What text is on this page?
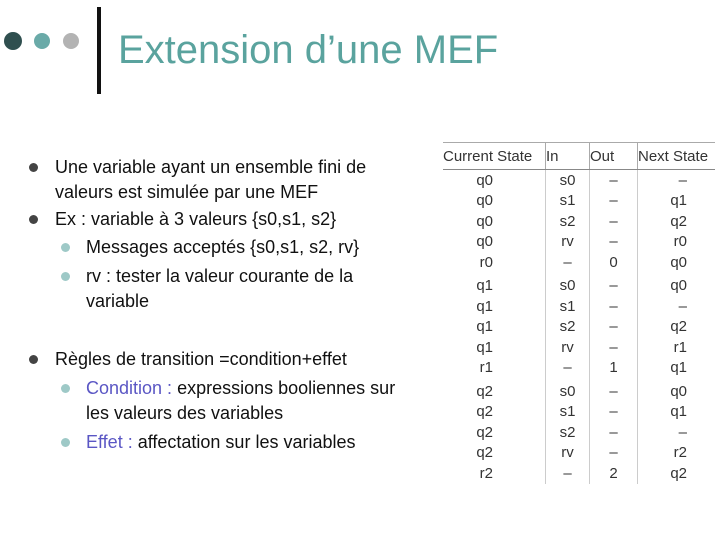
Extension d’une MEF
Une variable ayant un ensemble fini de
valeurs est simulée par une MEF
Ex : variable à 3 valeurs {s0,s1, s2}
Messages acceptés {s0,s1, s2, rv}
rv : tester la valeur courante de la
variable
Règles de transition =condition+effet
Condition : expressions booliennes sur
les valeurs des variables
Effet : affectation sur les variables
Current State	In	Out	Next State
q0	s0	–	–
q0	s1	–	q1
q0	s2	–	q2
q0	rv	–	r0
r0	–	0	q0
q1	s0	–	q0
q1	s1	–	–
q1	s2	–	q2
q1	rv	–	r1
r1	–	1	q1
q2	s0	–	q0
q2	s1	–	q1
q2	s2	–	–
q2	rv	–	r2
r2	–	2	q2
